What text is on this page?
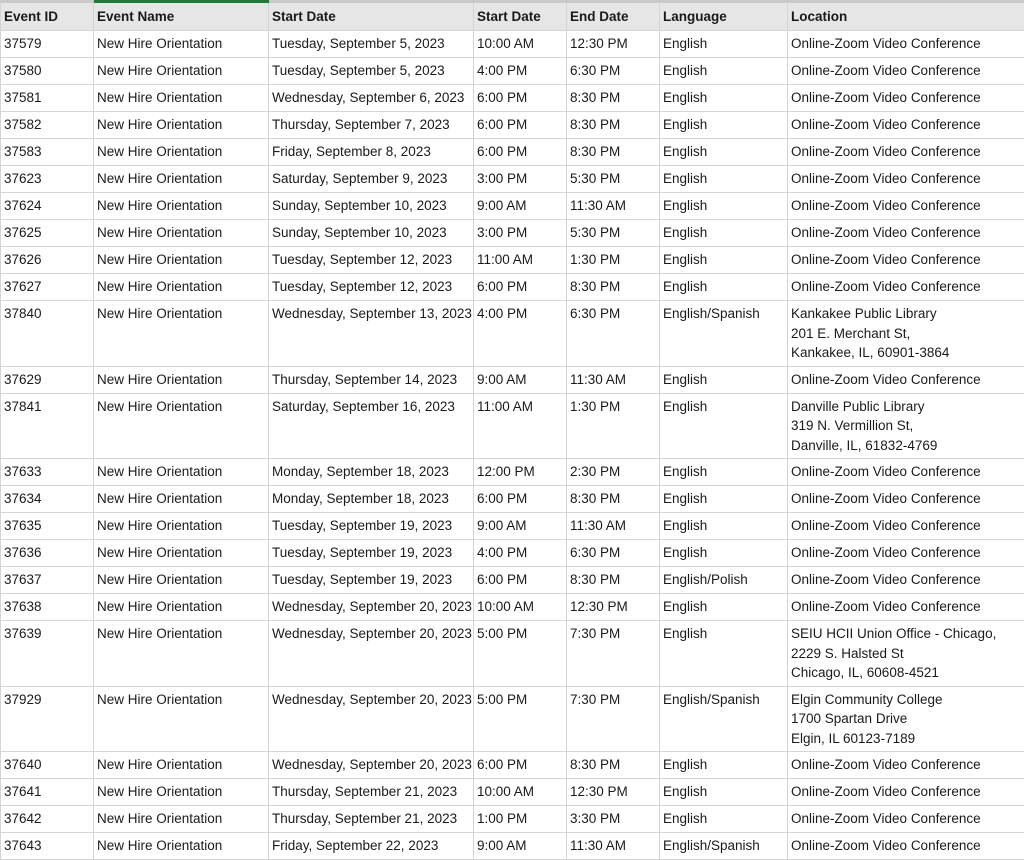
Event ID	Event Name	Start Date	Start Date	End Date	Language	Location
37579	New Hire Orientation	Tuesday, September 5, 2023	10:00 AM	12:30 PM	English	Online-Zoom Video Conference

37580	New Hire Orientation	Tuesday, September 5, 2023	4:00 PM	6:30 PM	English	Online-Zoom Video Conference

37581	New Hire Orientation	Wednesday, September 6, 2023	6:00 PM	8:30 PM	English	Online-Zoom Video Conference

37582	New Hire Orientation	Thursday, September 7, 2023	6:00 PM	8:30 PM	English	Online-Zoom Video Conference

37583	New Hire Orientation	Friday, September 8, 2023	6:00 PM	8:30 PM	English	Online-Zoom Video Conference

37623	New Hire Orientation	Saturday, September 9, 2023	3:00 PM	5:30 PM	English	Online-Zoom Video Conference

37624	New Hire Orientation	Sunday, September 10, 2023	9:00 AM	11:30 AM	English	Online-Zoom Video Conference

37625	New Hire Orientation	Sunday, September 10, 2023	3:00 PM	5:30 PM	English	Online-Zoom Video Conference

37626	New Hire Orientation	Tuesday, September 12, 2023	11:00 AM	1:30 PM	English	Online-Zoom Video Conference

37627	New Hire Orientation	Tuesday, September 12, 2023	6:00 PM	8:30 PM	English	Online-Zoom Video Conference

37840	New Hire Orientation	Wednesday, September 13, 2023	4:00 PM	6:30 PM	English/Spanish	Kankakee Public Library
201 E. Merchant St,
Kankakee, IL, 60901-3864

37629	New Hire Orientation	Thursday, September 14, 2023	9:00 AM	11:30 AM	English	Online-Zoom Video Conference

37841	New Hire Orientation	Saturday, September 16, 2023	11:00 AM	1:30 PM	English	Danville Public Library
319 N. Vermillion St,
Danville, IL, 61832-4769

37633	New Hire Orientation	Monday, September 18, 2023	12:00 PM	2:30 PM	English	Online-Zoom Video Conference

37634	New Hire Orientation	Monday, September 18, 2023	6:00 PM	8:30 PM	English	Online-Zoom Video Conference

37635	New Hire Orientation	Tuesday, September 19, 2023	9:00 AM	11:30 AM	English	Online-Zoom Video Conference

37636	New Hire Orientation	Tuesday, September 19, 2023	4:00 PM	6:30 PM	English	Online-Zoom Video Conference

37637	New Hire Orientation	Tuesday, September 19, 2023	6:00 PM	8:30 PM	English/Polish	Online-Zoom Video Conference

37638	New Hire Orientation	Wednesday, September 20, 2023	10:00 AM	12:30 PM	English	Online-Zoom Video Conference

37639	New Hire Orientation	Wednesday, September 20, 2023	5:00 PM	7:30 PM	English	SEIU HCII Union Office - Chicago,
2229 S. Halsted St
Chicago, IL, 60608-4521

37929	New Hire Orientation	Wednesday, September 20, 2023	5:00 PM	7:30 PM	English/Spanish	Elgin Community College
1700 Spartan Drive
Elgin, IL 60123-7189

37640	New Hire Orientation	Wednesday, September 20, 2023	6:00 PM	8:30 PM	English	Online-Zoom Video Conference

37641	New Hire Orientation	Thursday, September 21, 2023	10:00 AM	12:30 PM	English	Online-Zoom Video Conference

37642	New Hire Orientation	Thursday, September 21, 2023	1:00 PM	3:30 PM	English	Online-Zoom Video Conference

37643	New Hire Orientation	Friday, September 22, 2023	9:00 AM	11:30 AM	English/Spanish	Online-Zoom Video Conference
